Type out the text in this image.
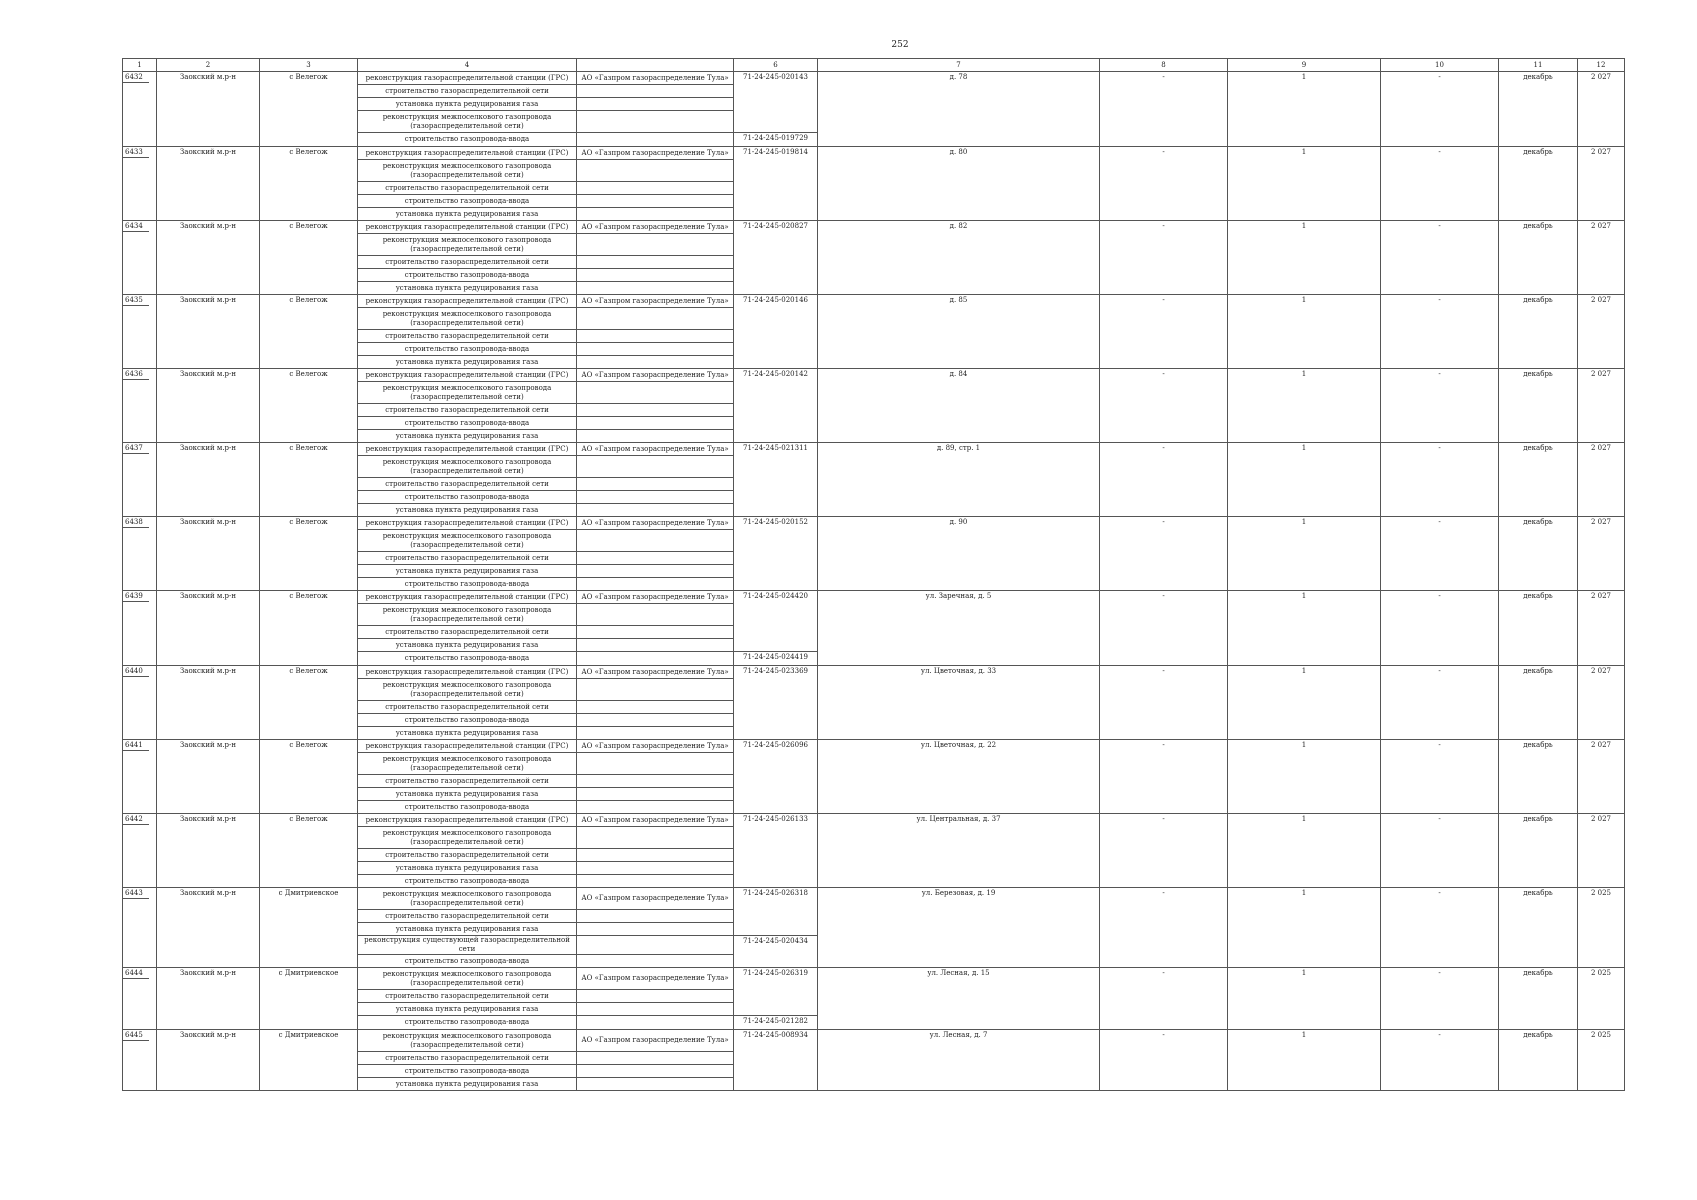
252
1	2	3	4		6	7	8	9	10	11	12

6432	Заокский м.р-н	с Велегож	реконструкция газораспределительной станции (ГРС)	АО «Газпром газораспределение Тула»	71-24-245-020143	д. 78	-	1	-	декабрь	2 027
			строительство газораспределительной сети								
			установка пункта редуцирования газа								
			реконструкция межпоселкового газопровода (газораспределительной сети)								
			строительство газопровода-ввода		71-24-245-019729						

6433	Заокский м.р-н	с Велегож	реконструкция газораспределительной станции (ГРС)	АО «Газпром газораспределение Тула»	71-24-245-019814	д. 80	-	1	-	декабрь	2 027
			реконструкция межпоселкового газопровода (газораспределительной сети)								
			строительство газораспределительной сети								
			строительство газопровода-ввода								
			установка пункта редуцирования газа								

6434	Заокский м.р-н	с Велегож	реконструкция газораспределительной станции (ГРС)	АО «Газпром газораспределение Тула»	71-24-245-020827	д. 82	-	1	-	декабрь	2 027
			реконструкция межпоселкового газопровода (газораспределительной сети)								
			строительство газораспределительной сети								
			строительство газопровода-ввода								
			установка пункта редуцирования газа								

6435	Заокский м.р-н	с Велегож	реконструкция газораспределительной станции (ГРС)	АО «Газпром газораспределение Тула»	71-24-245-020146	д. 85	-	1	-	декабрь	2 027
			реконструкция межпоселкового газопровода (газораспределительной сети)								
			строительство газораспределительной сети								
			строительство газопровода-ввода								
			установка пункта редуцирования газа								

6436	Заокский м.р-н	с Велегож	реконструкция газораспределительной станции (ГРС)	АО «Газпром газораспределение Тула»	71-24-245-020142	д. 84	-	1	-	декабрь	2 027
			реконструкция межпоселкового газопровода (газораспределительной сети)								
			строительство газораспределительной сети								
			строительство газопровода-ввода								
			установка пункта редуцирования газа								

6437	Заокский м.р-н	с Велегож	реконструкция газораспределительной станции (ГРС)	АО «Газпром газораспределение Тула»	71-24-245-021311	д. 89, стр. 1	-	1	-	декабрь	2 027
			реконструкция межпоселкового газопровода (газораспределительной сети)								
			строительство газораспределительной сети								
			строительство газопровода-ввода								
			установка пункта редуцирования газа								

6438	Заокский м.р-н	с Велегож	реконструкция газораспределительной станции (ГРС)	АО «Газпром газораспределение Тула»	71-24-245-020152	д. 90	-	1	-	декабрь	2 027
			реконструкция межпоселкового газопровода (газораспределительной сети)								
			строительство газораспределительной сети								
			установка пункта редуцирования газа								
			строительство газопровода-ввода								

6439	Заокский м.р-н	с Велегож	реконструкция газораспределительной станции (ГРС)	АО «Газпром газораспределение Тула»	71-24-245-024420	ул. Заречная, д. 5	-	1	-	декабрь	2 027
			реконструкция межпоселкового газопровода (газораспределительной сети)								
			строительство газораспределительной сети								
			установка пункта редуцирования газа								
			строительство газопровода-ввода		71-24-245-024419						

6440	Заокский м.р-н	с Велегож	реконструкция газораспределительной станции (ГРС)	АО «Газпром газораспределение Тула»	71-24-245-023369	ул. Цветочная, д. 33	-	1	-	декабрь	2 027
			реконструкция межпоселкового газопровода (газораспределительной сети)								
			строительство газораспределительной сети								
			строительство газопровода-ввода								
			установка пункта редуцирования газа								

6441	Заокский м.р-н	с Велегож	реконструкция газораспределительной станции (ГРС)	АО «Газпром газораспределение Тула»	71-24-245-026096	ул. Цветочная, д. 22	-	1	-	декабрь	2 027
			реконструкция межпоселкового газопровода (газораспределительной сети)								
			строительство газораспределительной сети								
			установка пункта редуцирования газа								
			строительство газопровода-ввода								

6442	Заокский м.р-н	с Велегож	реконструкция газораспределительной станции (ГРС)	АО «Газпром газораспределение Тула»	71-24-245-026133	ул. Центральная, д. 37	-	1	-	декабрь	2 027
			реконструкция межпоселкового газопровода (газораспределительной сети)								
			строительство газораспределительной сети								
			установка пункта редуцирования газа								
			строительство газопровода-ввода								

6443	Заокский м.р-н	с Дмитриевское	реконструкция межпоселкового газопровода (газораспределительной сети)	АО «Газпром газораспределение Тула»	71-24-245-026318	ул. Березовая, д. 19	-	1	-	декабрь	2 025
			строительство газораспределительной сети								
			установка пункта редуцирования газа								
			реконструкция существующей газораспределительной сети		71-24-245-020434						
			строительство газопровода-ввода								

6444	Заокский м.р-н	с Дмитриевское	реконструкция межпоселкового газопровода (газораспределительной сети)	АО «Газпром газораспределение Тула»	71-24-245-026319	ул. Лесная, д. 15	-	1	-	декабрь	2 025
			строительство газораспределительной сети								
			установка пункта редуцирования газа								
			строительство газопровода-ввода		71-24-245-021282						

6445	Заокский м.р-н	с Дмитриевское	реконструкция межпоселкового газопровода (газораспределительной сети)	АО «Газпром газораспределение Тула»	71-24-245-008934	ул. Лесная, д. 7	-	1	-	декабрь	2 025
			строительство газораспределительной сети								
			строительство газопровода-ввода								
			установка пункта редуцирования газа								
